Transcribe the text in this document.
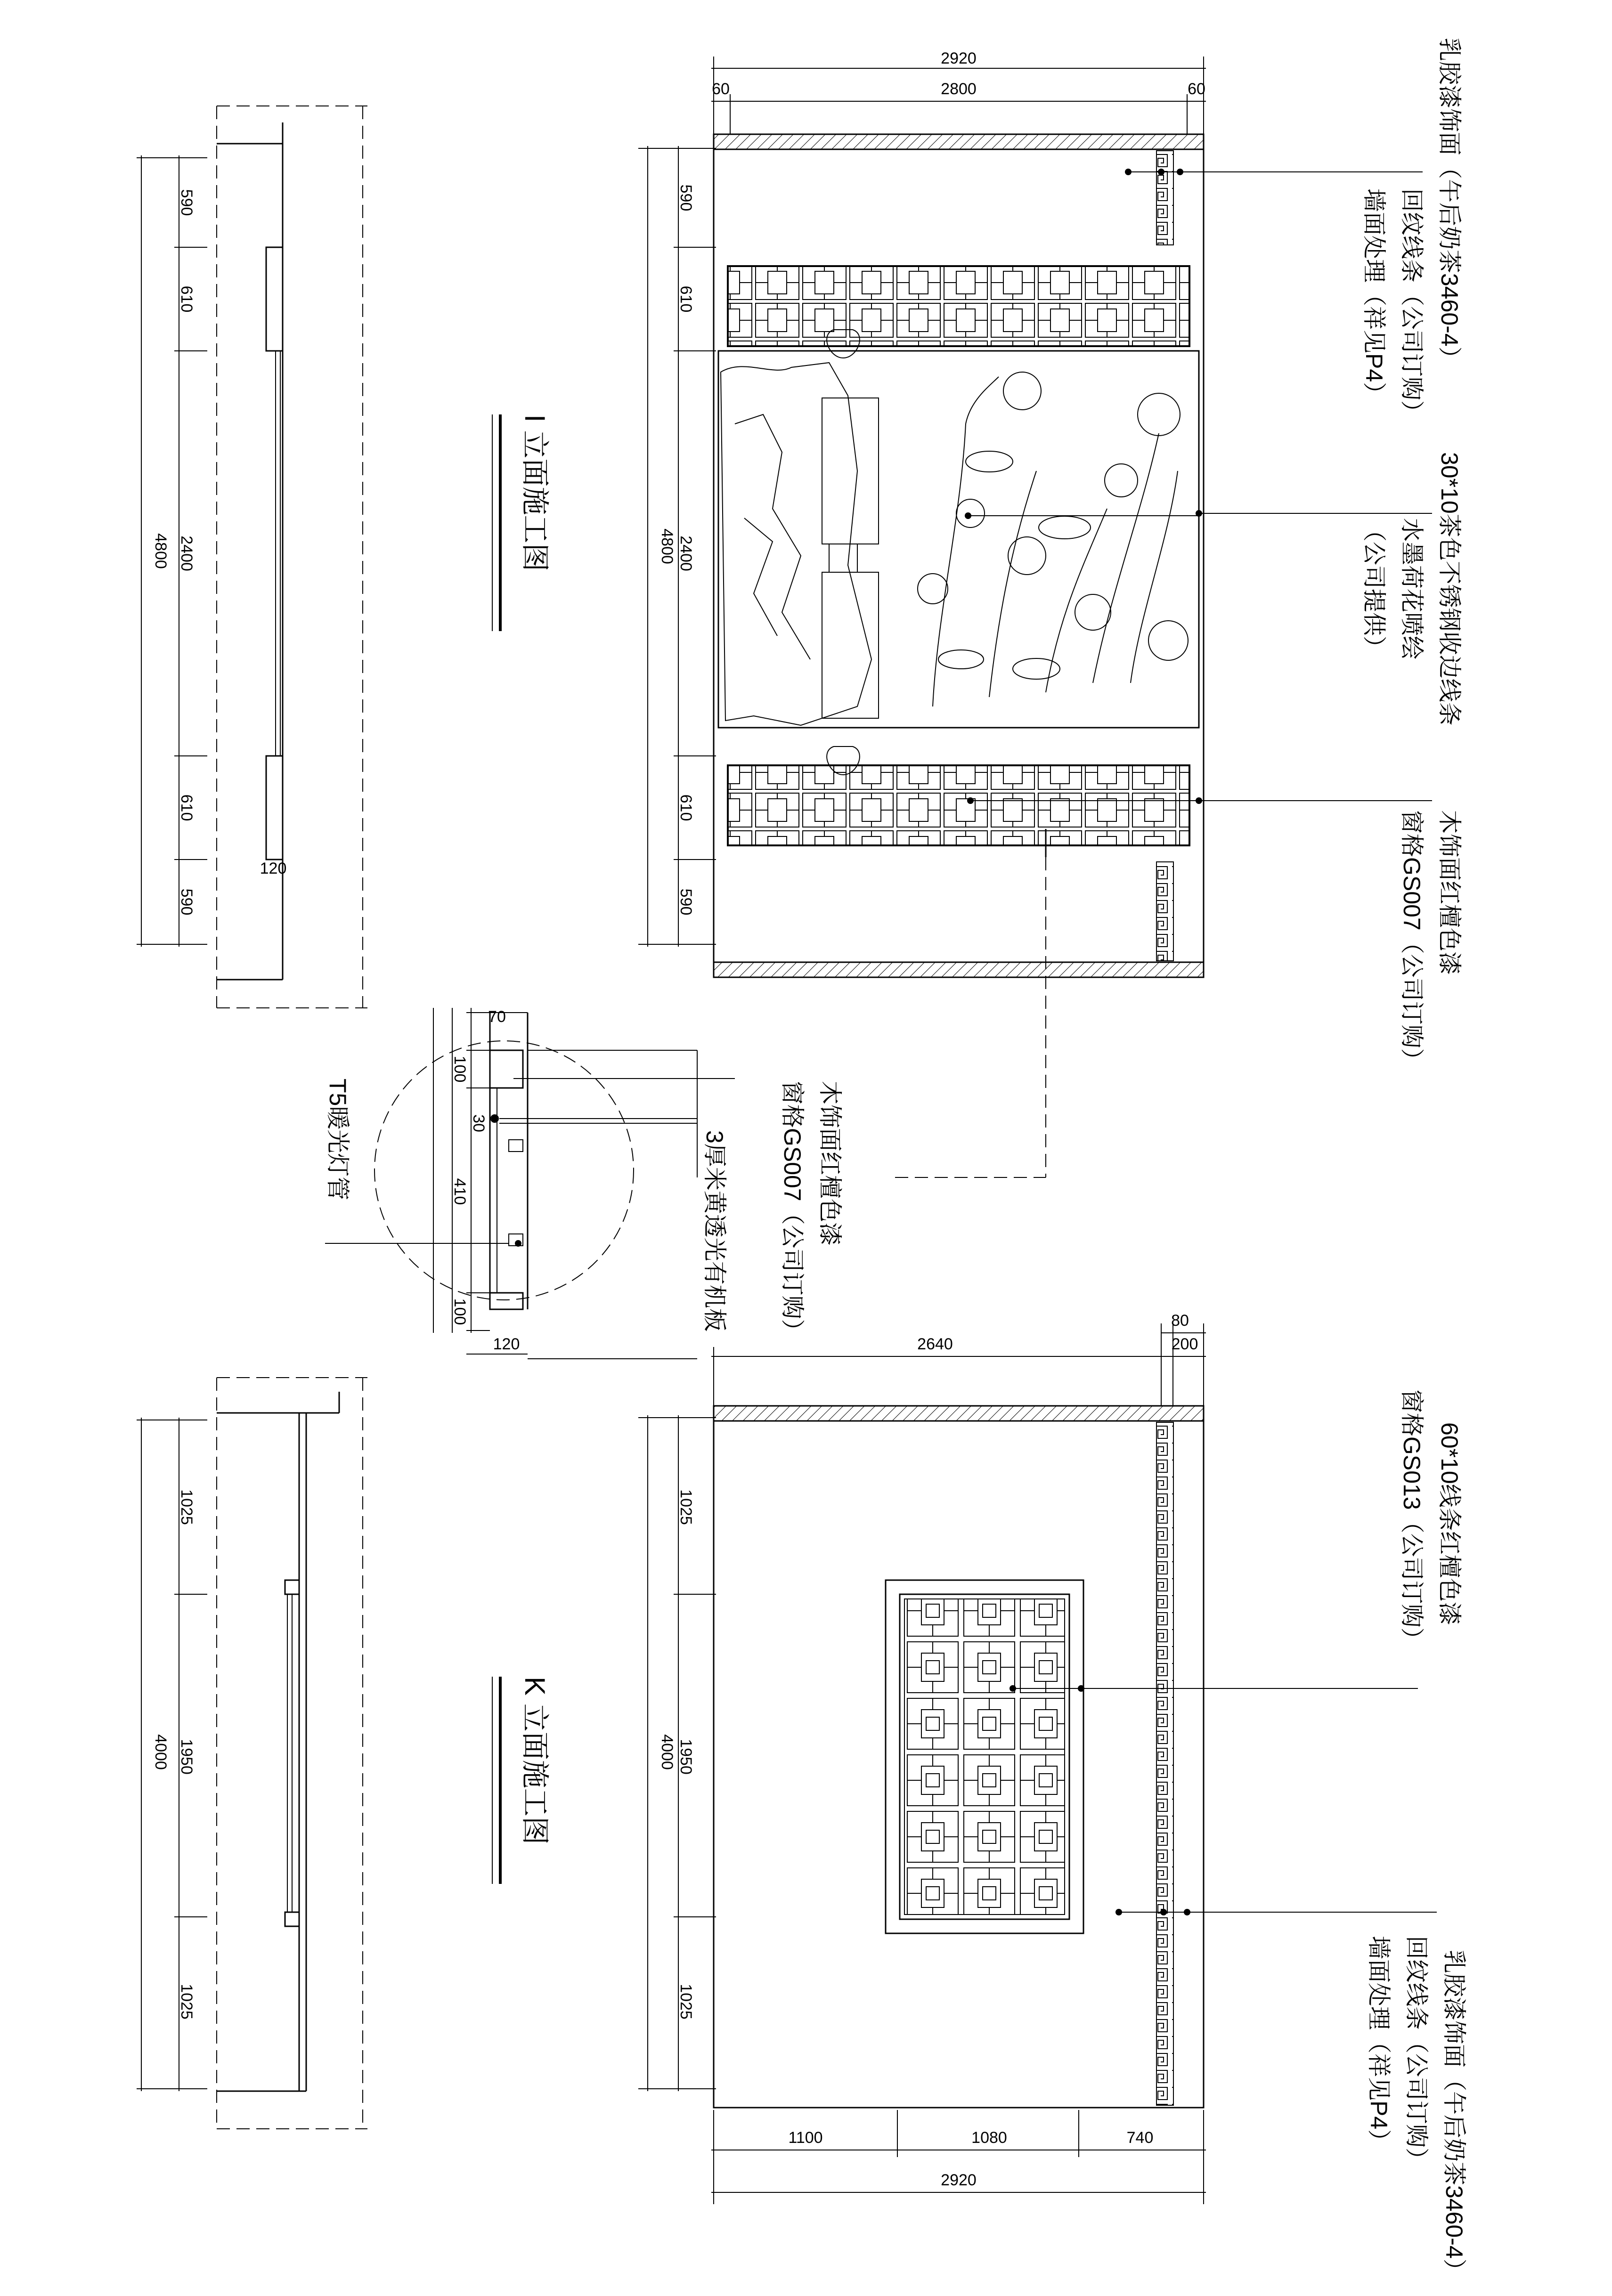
2920
60	2800	60
4800
590
610
2400
610
590
乳胶漆饰面（午后奶茶3460-4）
回纹线条（公司订购）
墙面处理（祥见P4）
30*10茶色不锈钢收边线条
水墨荷花喷绘
（公司提供）
木饰面红檀色漆
窗格GS007（公司订购）
I 立面施工图
4800
590
610
2400
610
590
120
70
100
30
410
100
120
T5暖光灯管	木饰面红檀色漆
窗格GS007（公司订购）
3厚米黄透光有机板
2640
80
200
4000
1025
1950
1025
1100	1080	740
2920
60*10线条红檀色漆
窗格GS013（公司订购）
乳胶漆饰面（午后奶茶3460-4）
回纹线条（公司订购）
墙面处理（祥见P4）
K 立面施工图
4000
1025
1950
1025
